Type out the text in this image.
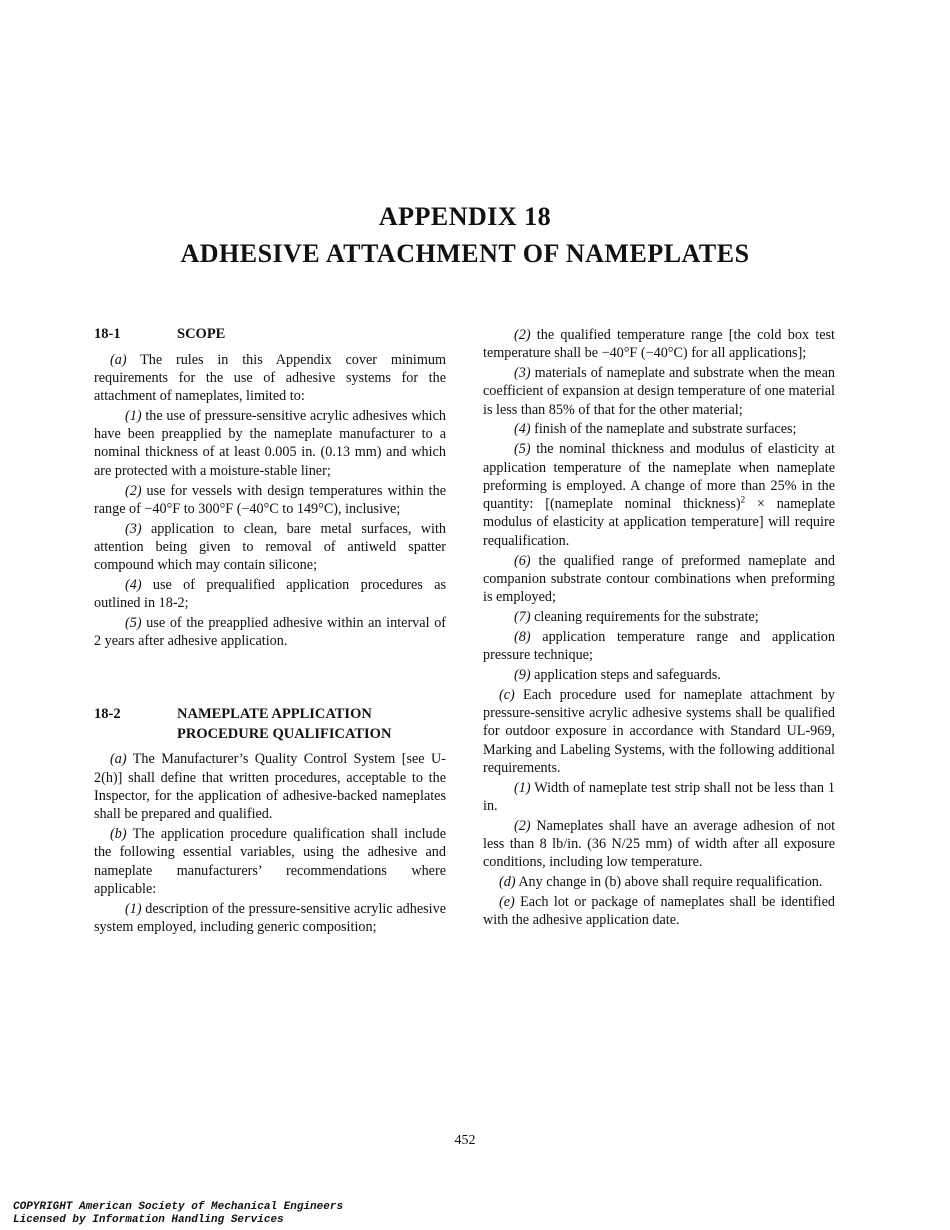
APPENDIX 18
ADHESIVE ATTACHMENT OF NAMEPLATES
18-1	SCOPE

(a) The rules in this Appendix cover minimum requirements for the use of adhesive systems for the attachment of nameplates, limited to:

(1) the use of pressure-sensitive acrylic adhesives which have been preapplied by the nameplate manufacturer to a nominal thickness of at least 0.005 in. (0.13 mm) and which are protected with a moisture-stable liner;

(2) use for vessels with design temperatures within the range of −40°F to 300°F (−40°C to 149°C), inclusive;

(3) application to clean, bare metal surfaces, with attention being given to removal of antiweld spatter compound which may contain silicone;

(4) use of prequalified application procedures as outlined in 18-2;

(5) use of the preapplied adhesive within an interval of 2 years after adhesive application.

18-2	NAMEPLATE APPLICATION
PROCEDURE QUALIFICATION

(a) The Manufacturer’s Quality Control System [see U-2(h)] shall define that written procedures, acceptable to the Inspector, for the application of adhesive-backed nameplates shall be prepared and qualified.

(b) The application procedure qualification shall include the following essential variables, using the adhesive and nameplate manufacturers’ recommendations where applicable:

(1) description of the pressure-sensitive acrylic adhesive system employed, including generic composition;

(2) the qualified temperature range [the cold box test temperature shall be −40°F (−40°C) for all applications];

(3) materials of nameplate and substrate when the mean coefficient of expansion at design temperature of one material is less than 85% of that for the other material;

(4) finish of the nameplate and substrate surfaces;

(5) the nominal thickness and modulus of elasticity at application temperature of the nameplate when nameplate preforming is employed. A change of more than 25% in the quantity: [(nameplate nominal thickness)$^2$ × nameplate modulus of elasticity at application temperature] will require requalification.

(6) the qualified range of preformed nameplate and companion substrate contour combinations when preforming is employed;

(7) cleaning requirements for the substrate;

(8) application temperature range and application pressure technique;

(9) application steps and safeguards.

(c) Each procedure used for nameplate attachment by pressure-sensitive acrylic adhesive systems shall be qualified for outdoor exposure in accordance with Standard UL-969, Marking and Labeling Systems, with the following additional requirements.

(1) Width of nameplate test strip shall not be less than 1 in.

(2) Nameplates shall have an average adhesion of not less than 8 lb/in. (36 N/25 mm) of width after all exposure conditions, including low temperature.

(d) Any change in (b) above shall require requalification.

(e) Each lot or package of nameplates shall be identified with the adhesive application date.

452
COPYRIGHT American Society of Mechanical Engineers
Licensed by Information Handling Services
